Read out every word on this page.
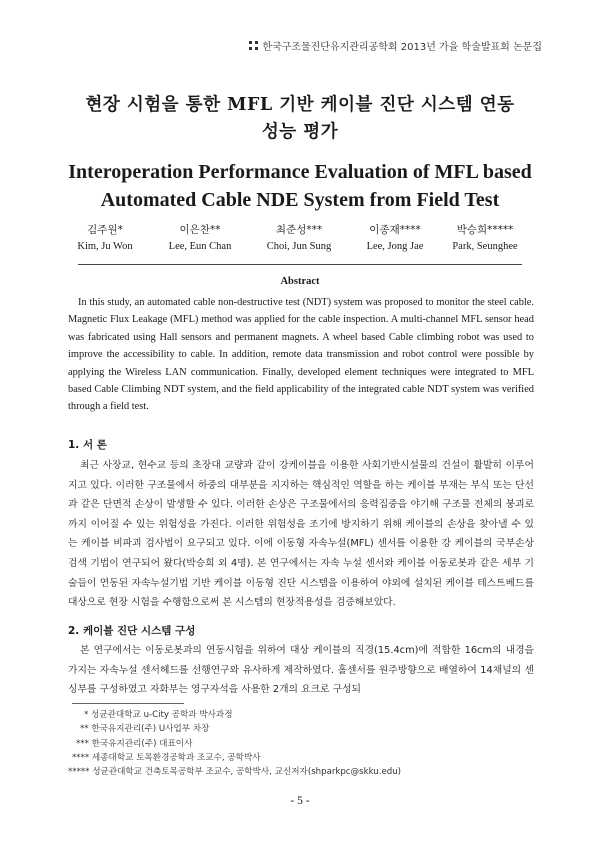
한국구조물진단유지관리공학회 2013년 가을 학술발표회 논문집
현장 시험을 통한 MFL 기반 케이블 진단 시스템 연동
성능 평가
Interoperation Performance Evaluation of MFL based
Automated Cable NDE System from Field Test
김주원*
Kim, Ju Won
이은찬**
Lee, Eun Chan
최준성***
Choi, Jun Sung
이종재****
Lee, Jong Jae
박승희*****
Park, Seunghee
Abstract

In this study, an automated cable non-destructive test (NDT) system was proposed to monitor the steel cable. Magnetic Flux Leakage (MFL) method was applied for the cable inspection. A multi-channel MFL sensor head was fabricated using Hall sensors and permanent magnets. A wheel based Cable climbing robot was used to improve the accessibility to cable. In addition, remote data transmission and robot control were possible by applying the Wireless LAN communication. Finally, developed element techniques were integrated to MFL based Cable Climbing NDT system, and the field applicability of the integrated cable NDT system was verified through a field test.

1. 서 론

최근 사장교, 현수교 등의 초장대 교량과 같이 강케이블을 이용한 사회기반시설물의 건설이 활발히 이루어지고 있다. 이러한 구조물에서 하중의 대부분을 지지하는 핵심적인 역할을 하는 케이블 부재는 부식 또는 단선과 같은 단면적 손상이 발생할 수 있다. 이러한 손상은 구조물에서의 응력집중을 야기해 구조물 전체의 붕괴로까지 이어질 수 있는 위험성을 가진다. 이러한 위험성을 조기에 방지하기 위해 케이블의 손상을 찾아낼 수 있는 케이블 비파괴 검사법이 요구되고 있다. 이에 이동형 자속누설(MFL) 센서를 이용한 강 케이블의 국부손상 검색 기법이 연구되어 왔다(박승희 외 4명). 본 연구에서는 자속 누설 센서와 케이블 이동로봇과 같은 세부 기술들이 연동된 자속누설기법 기반 케이블 이동형 진단 시스템을 이용하여 야외에 설치된 케이블 테스트베드를 대상으로 현장 시험을 수행함으로써 본 시스템의 현장적용성을 검증해보았다.

2. 케이블 진단 시스템 구성

본 연구에서는 이동로봇과의 연동시험을 위하여 대상 케이블의 직경(15.4cm)에 적합한 16cm의 내경을 가지는 자속누설 센서헤드를 선행연구와 유사하게 제작하였다. 홀센서를 원주방향으로 배열하여 14채널의 센싱부를 구성하였고 자화부는 영구자석을 사용한 2개의 요크로 구성되

* 성균관대학교 u-City 공학과 박사과정
** 한국유지관리(주) U사업부 차장
*** 한국유지관리(주) 대표이사
**** 세종대학교 토목환경공학과 조교수, 공학박사
***** 성균관대학교 건축토목공학부 조교수, 공학박사, 교신저자(shparkpc@skku.edu)
- 5 -
